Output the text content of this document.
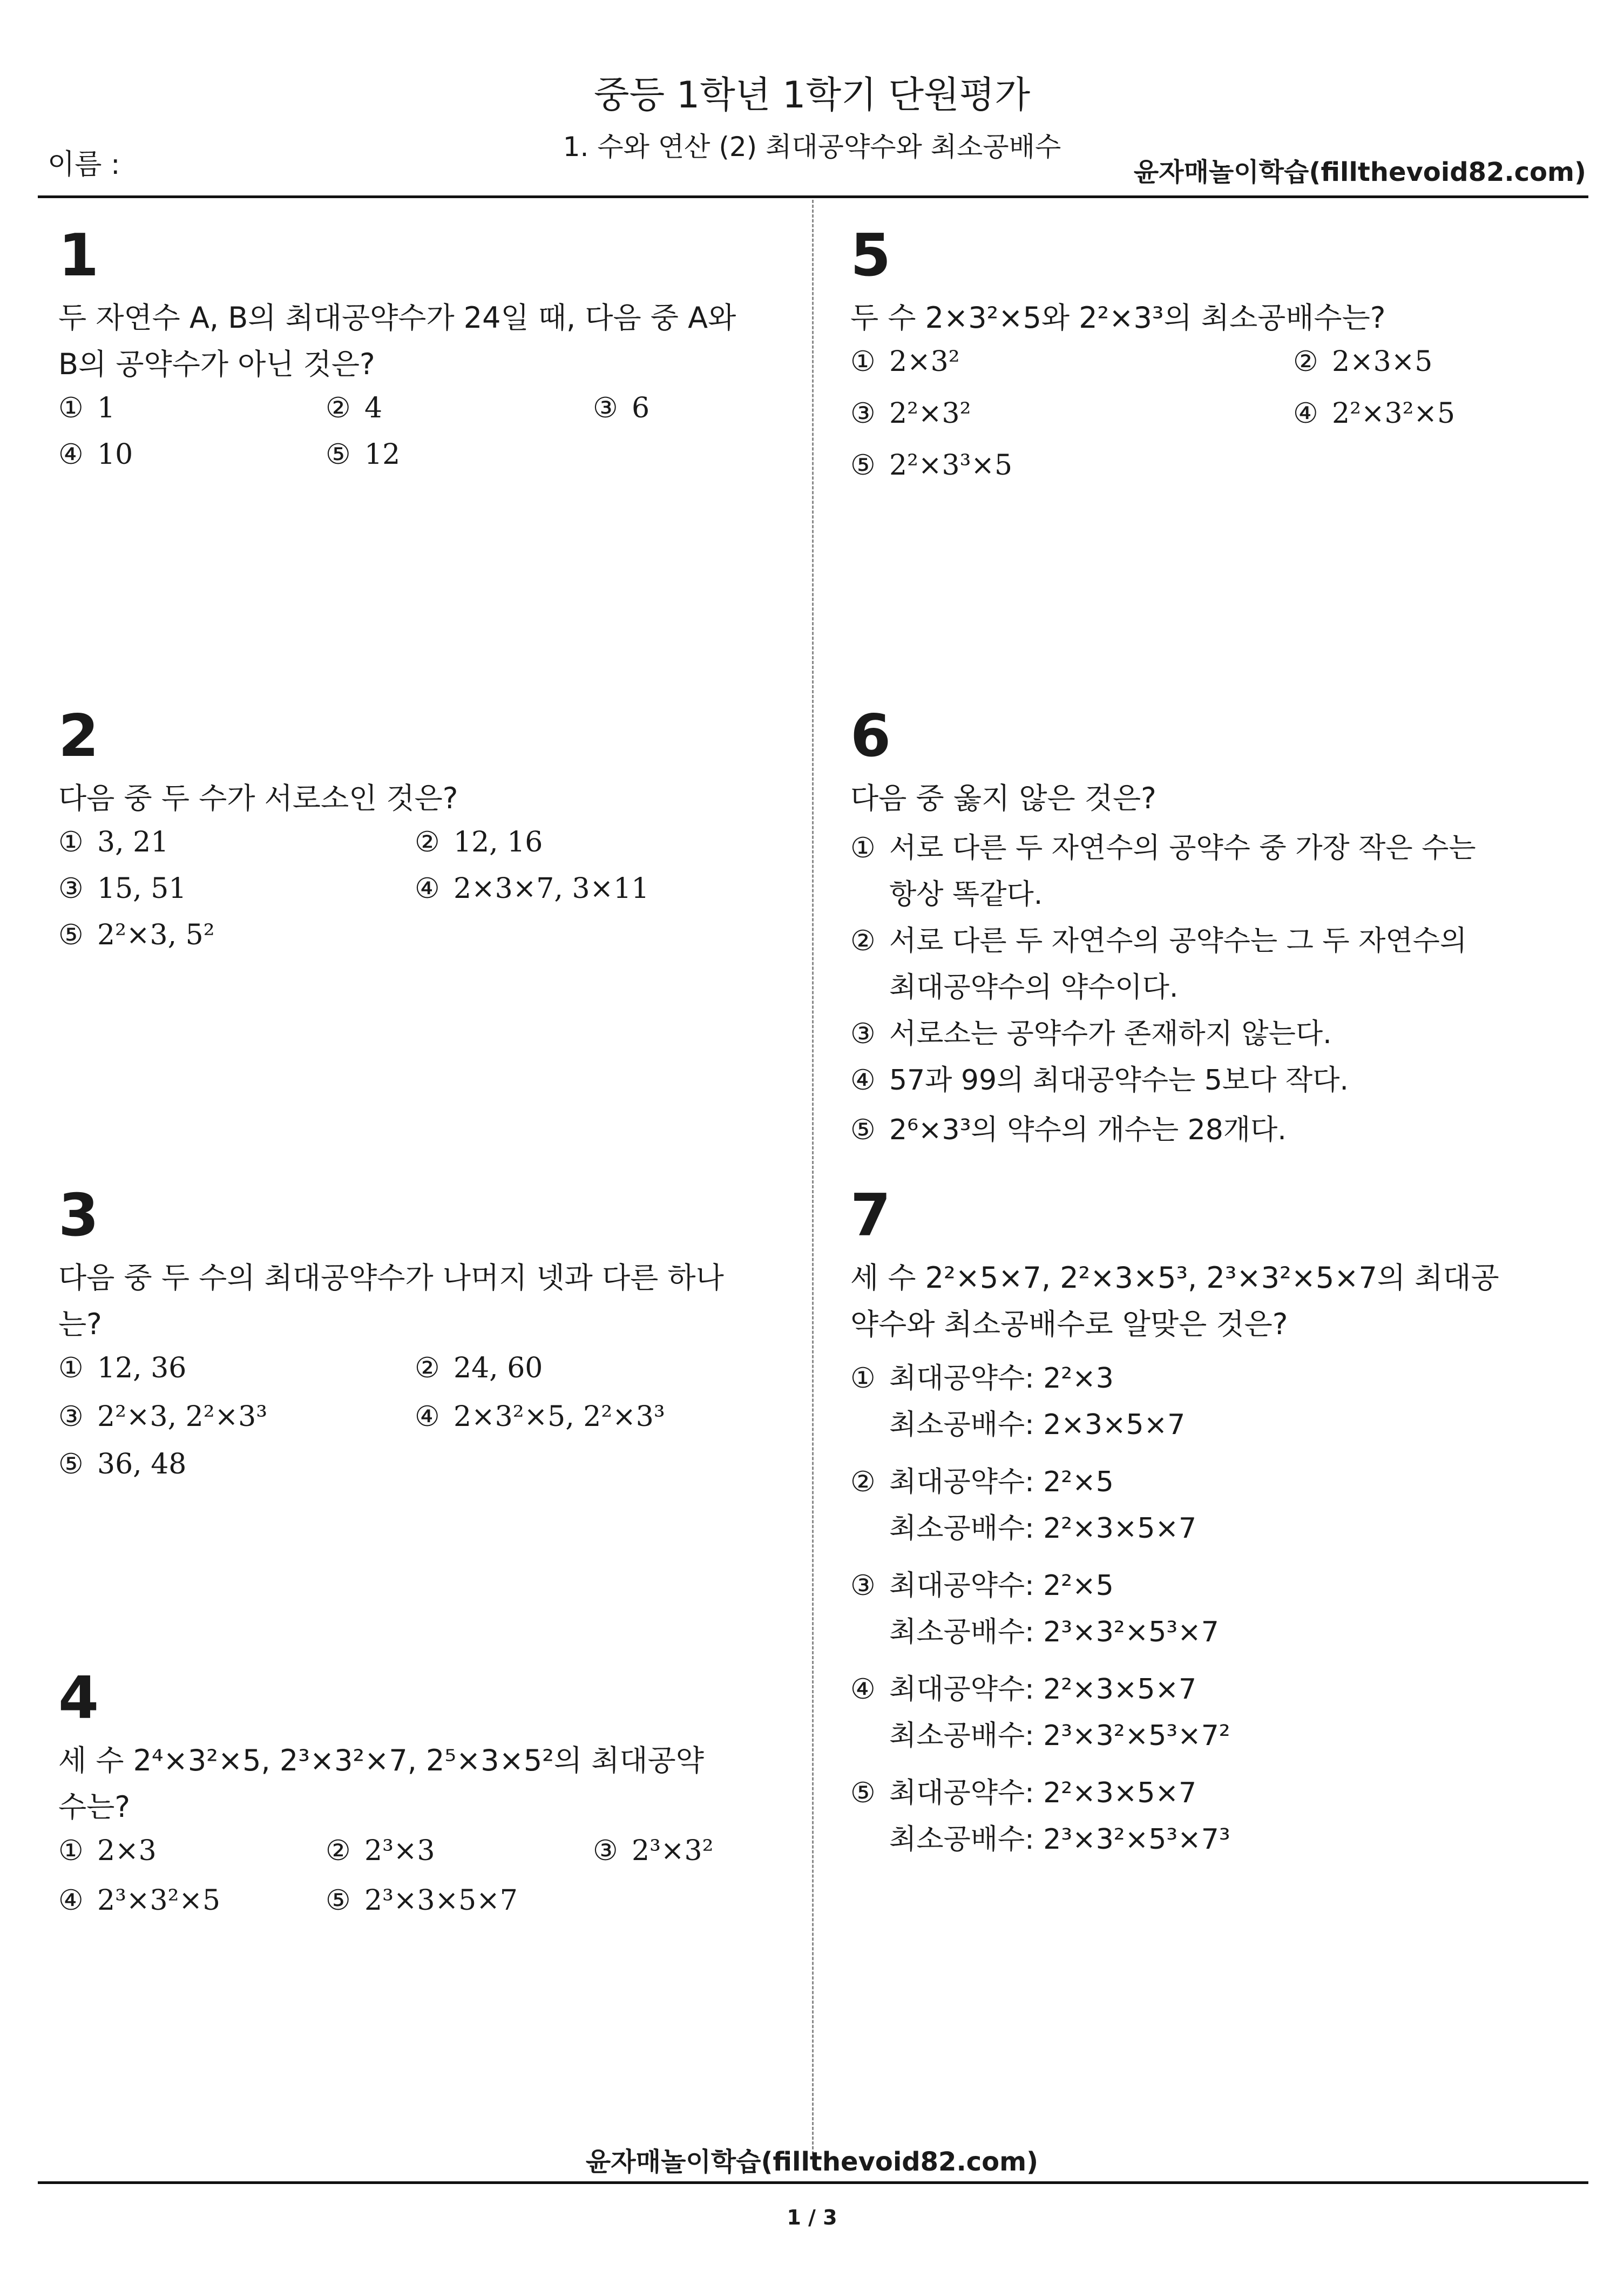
중등 1학년 1학기 단원평가
1. 수와 연산 (2) 최대공약수와 최소공배수
이름 :	윤자매놀이학습(fillthevoid82.com)
1
두 자연수 A, B의 최대공약수가 24일 때, 다음 중 A와
B의 공약수가 아닌 것은?
① 1	② 4	③ 6
④ 10	⑤ 12
2
다음 중 두 수가 서로소인 것은?
① 3, 21	② 12, 16
③ 15, 51	④ 2×3×7, 3×11
⑤ 2²×3, 5²
3
다음 중 두 수의 최대공약수가 나머지 넷과 다른 하나
는?
① 12, 36	② 24, 60
③ 2²×3, 2²×3³	④ 2×3²×5, 2²×3³
⑤ 36, 48
4
세 수 2⁴×3²×5, 2³×3²×7, 2⁵×3×5²의 최대공약
수는?
① 2×3	② 2³×3	③ 2³×3²
④ 2³×3²×5	⑤ 2³×3×5×7
5
두 수 2×3²×5와 2²×3³의 최소공배수는?
① 2×3²	② 2×3×5
③ 2²×3²	④ 2²×3²×5
⑤ 2²×3³×5
6
다음 중 옳지 않은 것은?
① 서로 다른 두 자연수의 공약수 중 가장 작은 수는
항상 똑같다.
② 서로 다른 두 자연수의 공약수는 그 두 자연수의
최대공약수의 약수이다.
③ 서로소는 공약수가 존재하지 않는다.
④ 57과 99의 최대공약수는 5보다 작다.
⑤ 2⁶×3³의 약수의 개수는 28개다.
7
세 수 2²×5×7, 2²×3×5³, 2³×3²×5×7의 최대공
약수와 최소공배수로 알맞은 것은?
① 최대공약수: 2²×3
최소공배수: 2×3×5×7
② 최대공약수: 2²×5
최소공배수: 2²×3×5×7
③ 최대공약수: 2²×5
최소공배수: 2³×3²×5³×7
④ 최대공약수: 2²×3×5×7
최소공배수: 2³×3²×5³×7²
⑤ 최대공약수: 2²×3×5×7
최소공배수: 2³×3²×5³×7³
윤자매놀이학습(fillthevoid82.com)
1 / 3
